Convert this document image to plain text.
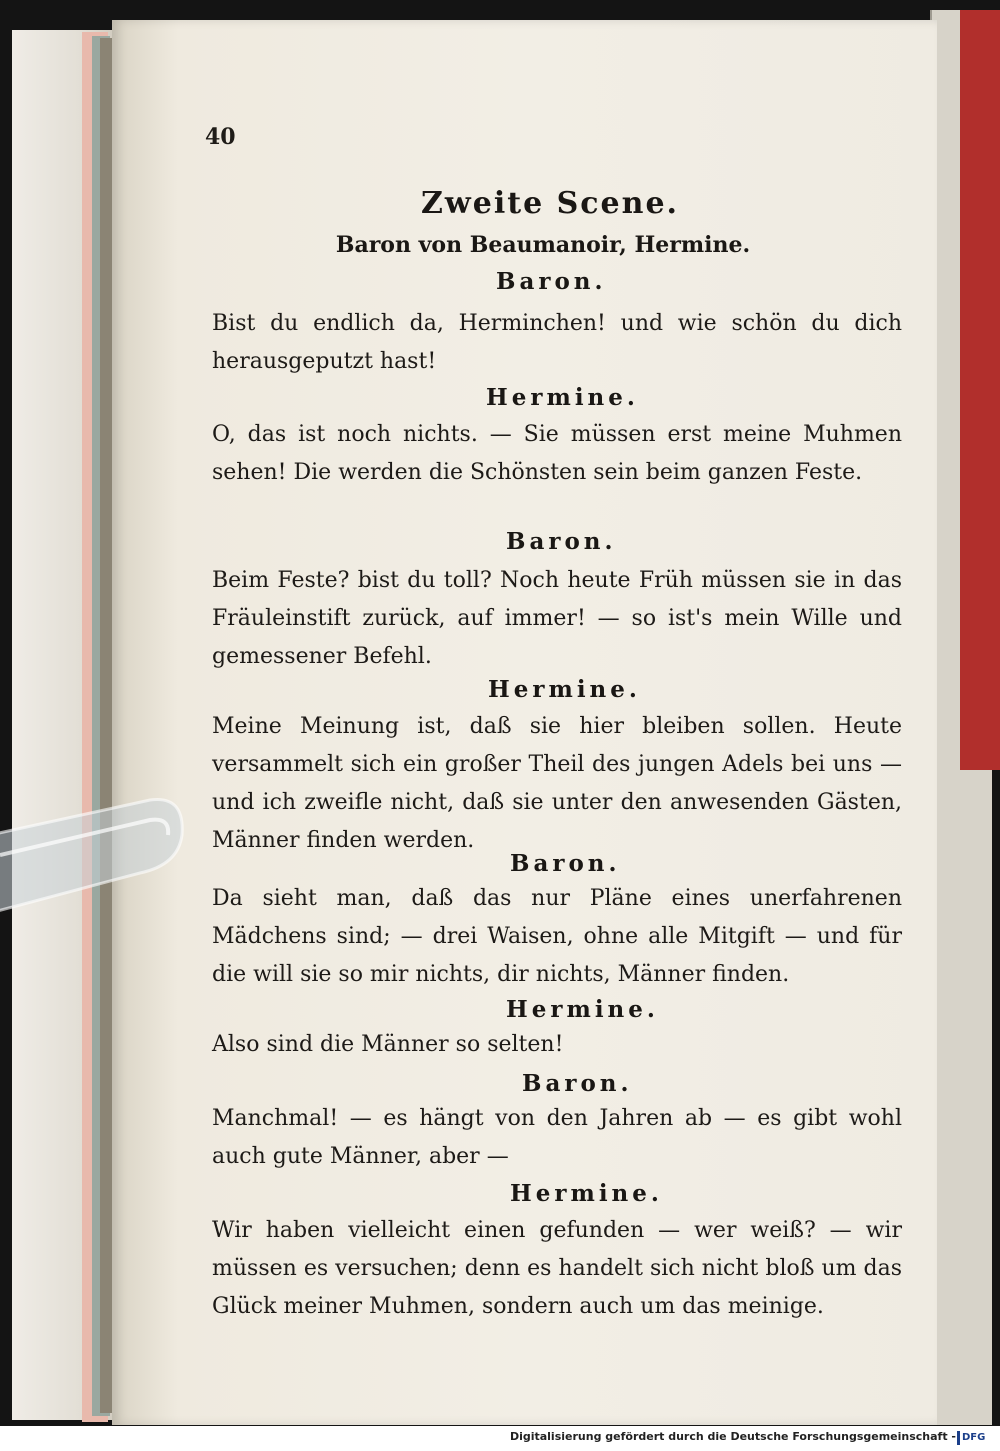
40
Zweite Scene.
Baron von Beaumanoir, Hermine.
Baron.
Bist du endlich da, Herminchen! und wie schön du dich herausgeputzt hast!
Hermine.
O, das ist noch nichts. — Sie müssen erst meine Muhmen sehen! Die werden die Schönsten sein beim ganzen Feste.
Baron.
Beim Feste? bist du toll? Noch heute Früh müssen sie in das Fräuleinstift zurück, auf immer! — so ist's mein Wille und gemessener Befehl.
Hermine.
Meine Meinung ist, daß sie hier bleiben sollen. Heute versammelt sich ein großer Theil des jungen Adels bei uns — und ich zweifle nicht, daß sie unter den anwesenden Gästen, Männer finden werden.
Baron.
Da sieht man, daß das nur Pläne eines unerfahrenen Mädchens sind; — drei Waisen, ohne alle Mitgift — und für die will sie so mir nichts, dir nichts, Männer finden.
Hermine.
Also sind die Männer so selten!
Baron.
Manchmal! — es hängt von den Jahren ab — es gibt wohl auch gute Männer, aber —
Hermine.
Wir haben vielleicht einen gefunden — wer weiß? — wir müssen es versuchen; denn es handelt sich nicht bloß um das Glück meiner Muhmen, sondern auch um das meinige.
Digitalisierung gefördert durch die Deutsche Forschungsgemeinschaft - DFG
